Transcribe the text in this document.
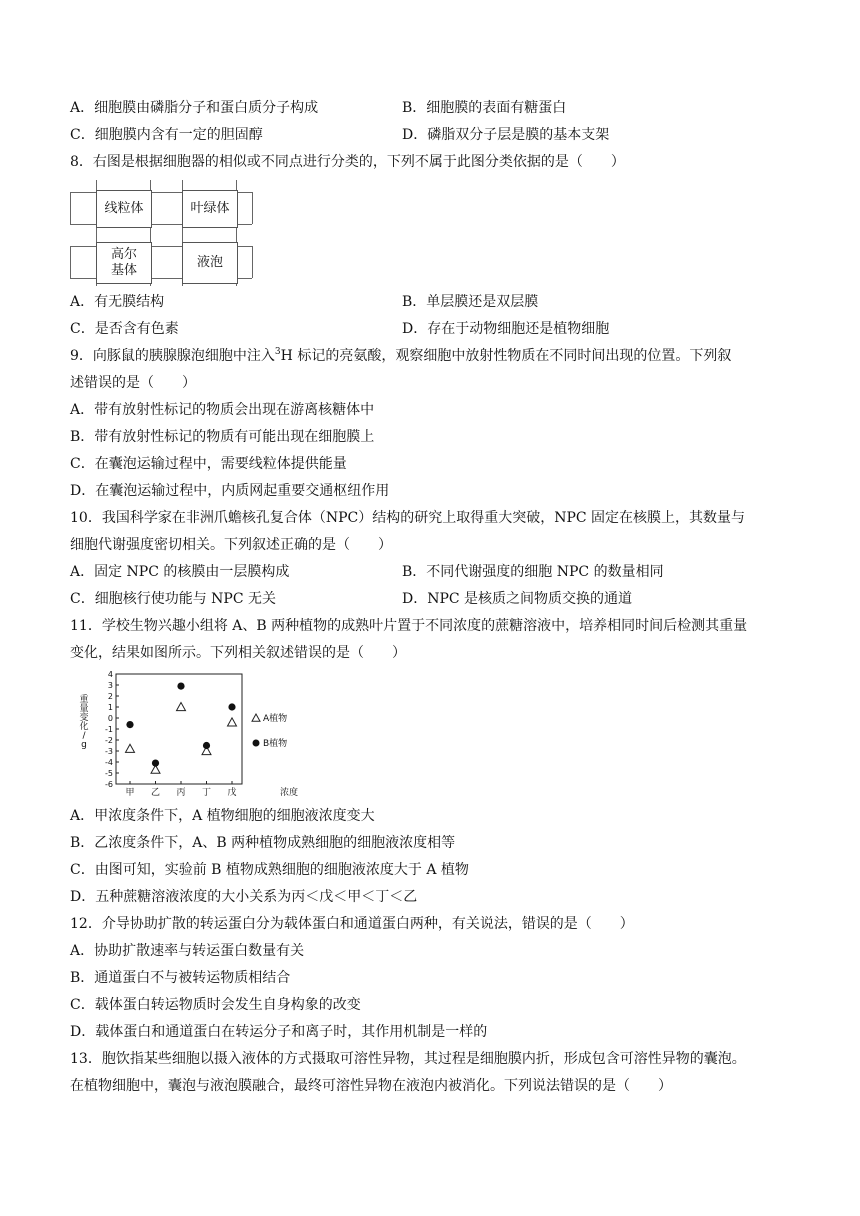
A．细胞膜由磷脂分子和蛋白质分子构成	B．细胞膜的表面有糖蛋白
C．细胞膜内含有一定的胆固醇	D．磷脂双分子层是膜的基本支架
8．右图是根据细胞器的相似或不同点进行分类的，下列不属于此图分类依据的是（　　）
线粒体	叶绿体
高尔
基体
液泡
A．有无膜结构	B．单层膜还是双层膜
C．是否含有色素	D．存在于动物细胞还是植物细胞
9．向豚鼠的胰腺腺泡细胞中注入$^3$H 标记的亮氨酸，观察细胞中放射性物质在不同时间出现的位置。下列叙
述错误的是（　　）
A．带有放射性标记的物质会出现在游离核糖体中
B．带有放射性标记的物质有可能出现在细胞膜上
C．在囊泡运输过程中，需要线粒体提供能量
D．在囊泡运输过程中，内质网起重要交通枢纽作用
10．我国科学家在非洲爪蟾核孔复合体（NPC）结构的研究上取得重大突破，NPC 固定在核膜上，其数量与
细胞代谢强度密切相关。下列叙述正确的是（　　）
A．固定 NPC 的核膜由一层膜构成	B．不同代谢强度的细胞 NPC 的数量相同
C．细胞核行使功能与 NPC 无关	D．NPC 是核质之间物质交换的通道
11．学校生物兴趣小组将 A、B 两种植物的成熟叶片置于不同浓度的蔗糖溶液中，培养相同时间后检测其重量
变化，结果如图所示。下列相关叙述错误的是（　　）
重
量
变
化
/
g
4
3
2
1
0
-1
-2
-3
-4
-5
-6
甲 乙 丙 丁 戊
A植物
B植物
浓度
A．甲浓度条件下，A 植物细胞的细胞液浓度变大
B．乙浓度条件下，A、B 两种植物成熟细胞的细胞液浓度相等
C．由图可知，实验前 B 植物成熟细胞的细胞液浓度大于 A 植物
D．五种蔗糖溶液浓度的大小关系为丙＜戊＜甲＜丁＜乙
12．介导协助扩散的转运蛋白分为载体蛋白和通道蛋白两种，有关说法，错误的是（　　）
A．协助扩散速率与转运蛋白数量有关
B．通道蛋白不与被转运物质相结合
C．载体蛋白转运物质时会发生自身构象的改变
D．载体蛋白和通道蛋白在转运分子和离子时，其作用机制是一样的
13．胞饮指某些细胞以摄入液体的方式摄取可溶性异物，其过程是细胞膜内折，形成包含可溶性异物的囊泡。
在植物细胞中，囊泡与液泡膜融合，最终可溶性异物在液泡内被消化。下列说法错误的是（　　）
